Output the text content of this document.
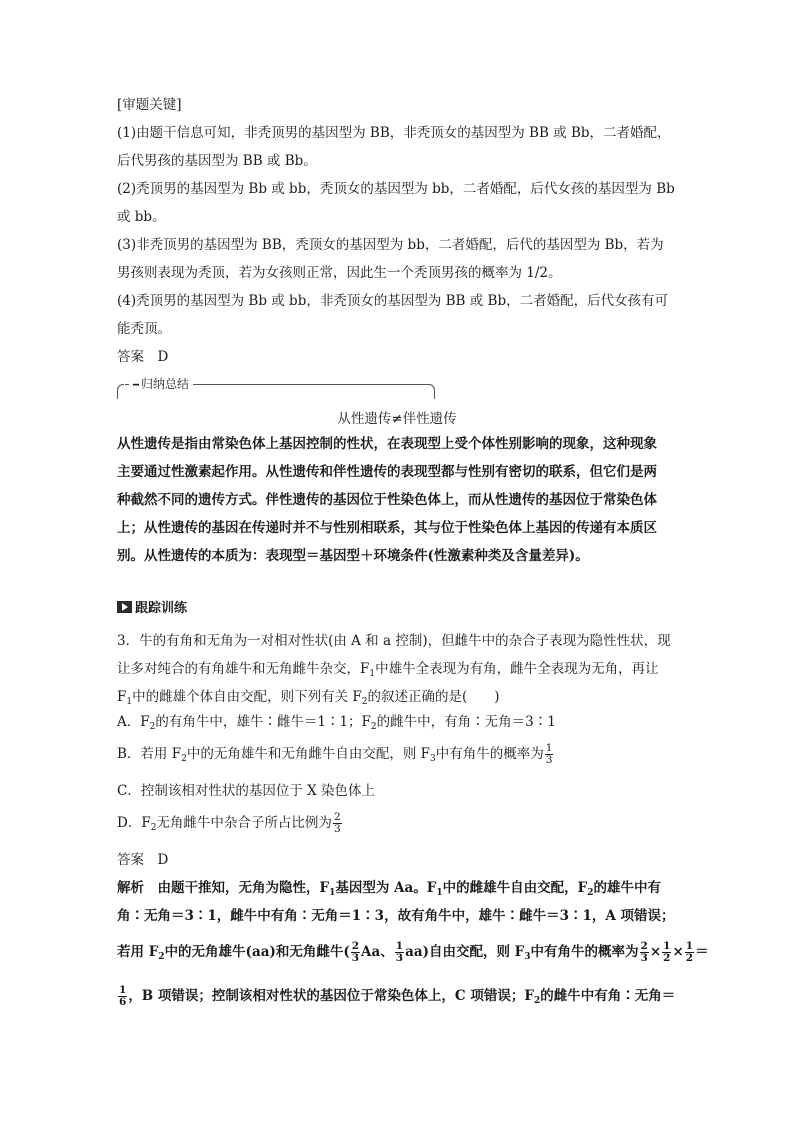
[审题关键]
(1)由题干信息可知，非秃顶男的基因型为 BB，非秃顶女的基因型为 BB 或 Bb，二者婚配，
后代男孩的基因型为 BB 或 Bb。
(2)秃顶男的基因型为 Bb 或 bb，秃顶女的基因型为 bb，二者婚配，后代女孩的基因型为 Bb
或 bb。
(3)非秃顶男的基因型为 BB，秃顶女的基因型为 bb，二者婚配，后代的基因型为 Bb，若为
男孩则表现为秃顶，若为女孩则正常，因此生一个秃顶男孩的概率为 1/2。
(4)秃顶男的基因型为 Bb 或 bb，非秃顶女的基因型为 BB 或 Bb，二者婚配，后代女孩有可
能秃顶。
答案　D
━ 归纳总结
从性遗传≠伴性遗传
从性遗传是指由常染色体上基因控制的性状，在表现型上受个体性别影响的现象，这种现象
主要通过性激素起作用。从性遗传和伴性遗传的表现型都与性别有密切的联系，但它们是两
种截然不同的遗传方式。伴性遗传的基因位于性染色体上，而从性遗传的基因位于常染色体
上；从性遗传的基因在传递时并不与性别相联系，其与位于性染色体上基因的传递有本质区
别。从性遗传的本质为：表现型＝基因型＋环境条件(性激素种类及含量差异)。
跟踪训练
3．牛的有角和无角为一对相对性状(由 A 和 a 控制)，但雌牛中的杂合子表现为隐性性状，现
让多对纯合的有角雄牛和无角雌牛杂交，$F_1$中雄牛全表现为有角，雌牛全表现为无角，再让
$F_1$中的雌雄个体自由交配，则下列有关 $F_2$的叙述正确的是(　　)
A．$F_2$的有角牛中，雄牛∶雌牛＝1∶1；$F_2$的雌牛中，有角∶无角＝3∶1
B．若用 $F_2$中的无角雄牛和无角雌牛自由交配，则 $F_3$中有角牛的概率为 $\frac{1}{3}$
C．控制该相对性状的基因位于 X 染色体上
D．$F_2$无角雌牛中杂合子所占比例为 $\frac{2}{3}$
答案　D
解析　由题干推知，无角为隐性，$F_1$基因型为 Aa。$F_1$中的雌雄牛自由交配，$F_2$的雄牛中有
角∶无角＝3∶1，雌牛中有角∶无角＝1∶3，故有角牛中，雄牛∶雌牛＝3∶1，A 项错误；
若用 $F_2$中的无角雄牛(aa)和无角雌牛( $\frac{2}{3}$ Aa、 $\frac{1}{3} aa$)自由交配，则 $F_3$中有角牛的概率为 $\frac{2}{3} \times \frac{1}{2} \times \frac{1}{2}$ ＝
$\frac{1}{6}$ ，B 项错误；控制该相对性状的基因位于常染色体上，C 项错误；$F_2$的雌牛中有角∶无角＝
